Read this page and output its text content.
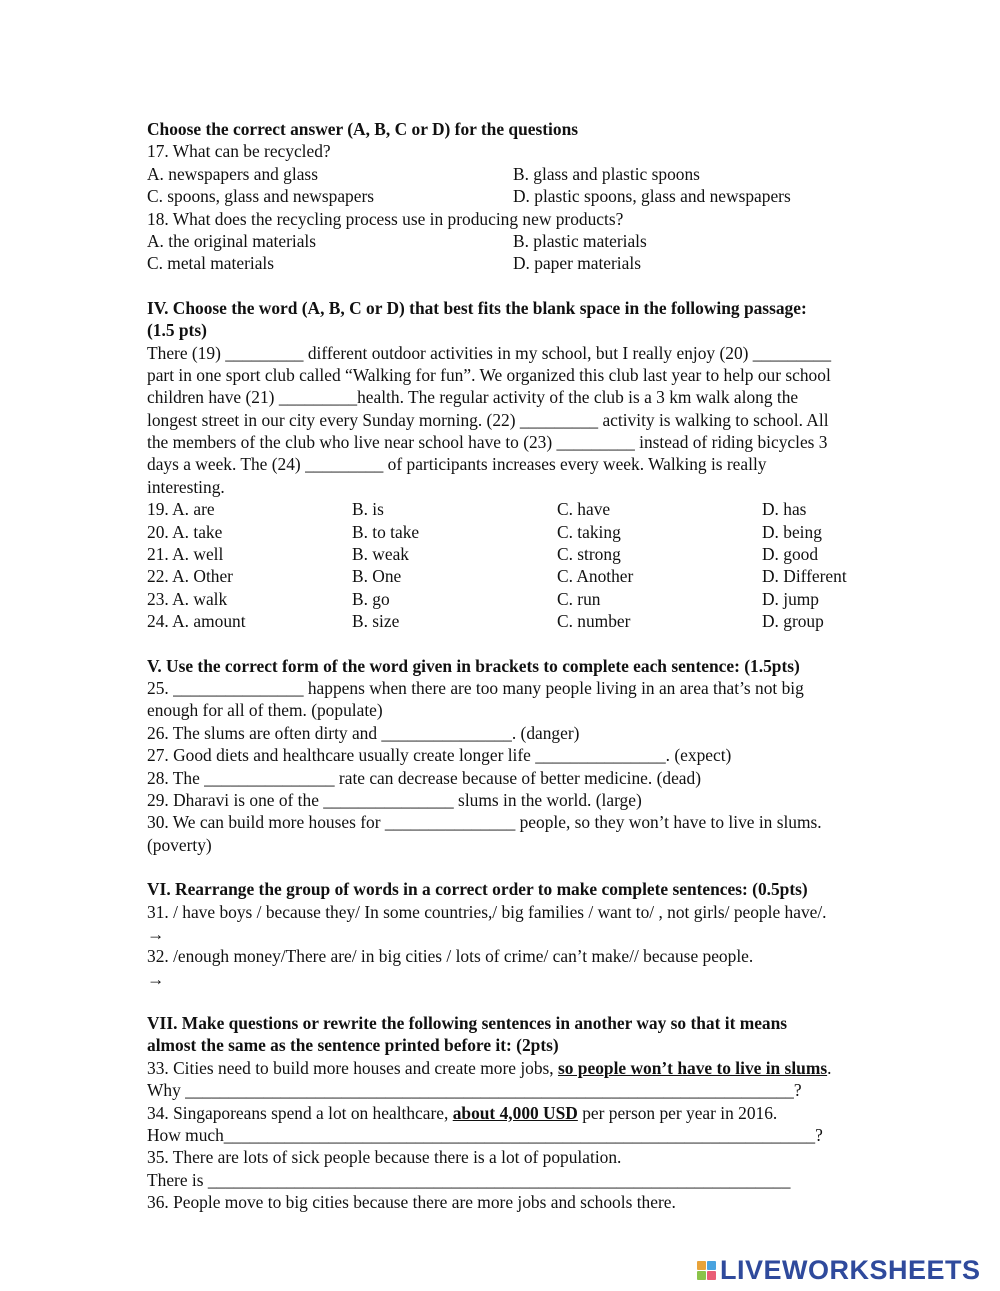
Choose the correct answer (A, B, C or D) for the questions
17. What can be recycled?
A. newspapers and glass	B. glass and plastic spoons
C. spoons, glass and newspapers	D. plastic spoons, glass and newspapers
18. What does the recycling process use in producing new products?
A. the original materials	B. plastic materials
C. metal materials	D. paper materials
IV. Choose the word (A, B, C or D) that best fits the blank space in the following passage:
(1.5 pts)
There (19) _________ different outdoor activities in my school, but I really enjoy (20) _________
part in one sport club called “Walking for fun”. We organized this club last year to help our school
children have (21) _________health. The regular activity of the club is a 3 km walk along the
longest street in our city every Sunday morning. (22) _________ activity is walking to school. All
the members of the club who live near school have to (23) _________ instead of riding bicycles 3
days a week. The (24) _________ of participants increases every week. Walking is really
interesting.
19. A. are	B. is	C. have	D. has
20. A. take	B. to take	C. taking	D. being
21. A. well	B. weak	C. strong	D. good
22. A. Other	B. One	C. Another	D. Different
23. A. walk	B. go	C. run	D. jump
24. A. amount	B. size	C. number	D. group
V. Use the correct form of the word given in brackets to complete each sentence: (1.5pts)
25. _______________ happens when there are too many people living in an area that’s not big
enough for all of them. (populate)
26. The slums are often dirty and _______________. (danger)
27. Good diets and healthcare usually create longer life _______________. (expect)
28. The _______________ rate can decrease because of better medicine. (dead)
29. Dharavi is one of the _______________ slums in the world. (large)
30. We can build more houses for _______________ people, so they won’t have to live in slums.
(poverty)
VI. Rearrange the group of words in a correct order to make complete sentences: (0.5pts)
31. / have boys / because they/ In some countries,/ big families / want to/ , not girls/ people have/.
→
32. /enough money/There are/ in big cities / lots of crime/ can’t make// because people.
→
VII. Make questions or rewrite the following sentences in another way so that it means
almost the same as the sentence printed before it: (2pts)
33. Cities need to build more houses and create more jobs, so people won’t have to live in slums.
Why ______________________________________________________________________?
34. Singaporeans spend a lot on healthcare, about 4,000 USD per person per year in 2016.
How much____________________________________________________________________?
35. There are lots of sick people because there is a lot of population.
There is ___________________________________________________________________
36. People move to big cities because there are more jobs and schools there.
LIVEWORKSHEETS
